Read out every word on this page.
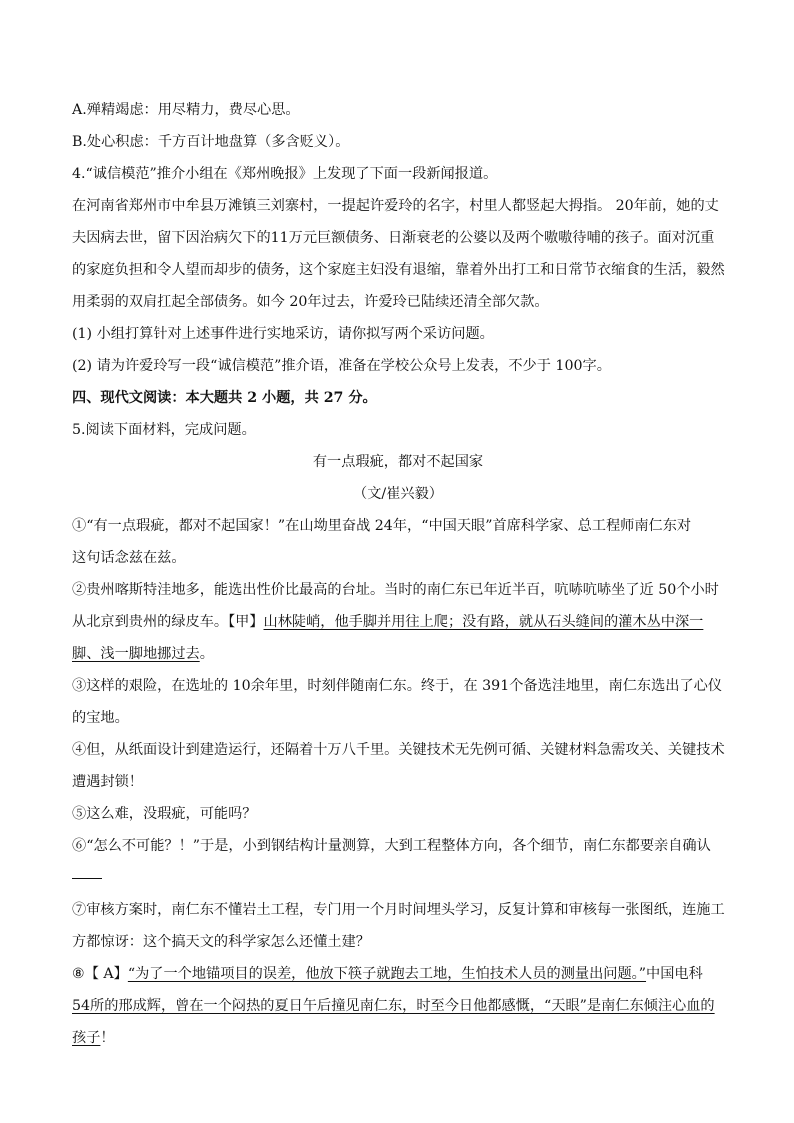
A.殚精竭虑：用尽精力，费尽心思。
B.处心积虑：千方百计地盘算（多含贬义）。
4.“诚信模范”推介小组在《郑州晚报》上发现了下面一段新闻报道。
在河南省郑州市中牟县万滩镇三刘寨村，一提起许爱玲的名字，村里人都竖起大拇指。 20年前，她的丈
夫因病去世，留下因治病欠下的11万元巨额债务、日渐衰老的公婆以及两个嗷嗷待哺的孩子。面对沉重
的家庭负担和令人望而却步的债务，这个家庭主妇没有退缩，靠着外出打工和日常节衣缩食的生活，毅然
用柔弱的双肩扛起全部债务。如今 20年过去，许爱玲已陆续还清全部欠款。
(1) 小组打算针对上述事件进行实地采访，请你拟写两个采访问题。
(2) 请为许爱玲写一段“诚信模范”推介语，准备在学校公众号上发表，不少于 100字。
四、现代文阅读：本大题共 2 小题，共 27 分。
5.阅读下面材料，完成问题。
有一点瑕疵，都对不起国家
（文/崔兴毅）
①“有一点瑕疵，都对不起国家！”在山坳里奋战 24年，“中国天眼”首席科学家、总工程师南仁东对
这句话念兹在兹。
②贵州喀斯特洼地多，能选出性价比最高的台址。当时的南仁东已年近半百，吭哧吭哧坐了近 50个小时
从北京到贵州的绿皮车。【甲】山林陡峭，他手脚并用往上爬；没有路，就从石头缝间的灌木丛中深一
脚、浅一脚地挪过去。
③这样的艰险，在选址的 10余年里，时刻伴随南仁东。终于，在 391个备选洼地里，南仁东选出了心仪
的宝地。
④但，从纸面设计到建造运行，还隔着十万八千里。关键技术无先例可循、关键材料急需攻关、关键技术
遭遇封锁！
⑤这么难，没瑕疵，可能吗？
⑥“怎么不可能？！”于是，小到钢结构计量测算，大到工程整体方向，各个细节，南仁东都要亲自确认
⑦审核方案时，南仁东不懂岩土工程，专门用一个月时间埋头学习，反复计算和审核每一张图纸，连施工
方都惊讶：这个搞天文的科学家怎么还懂土建？
⑧【 A】“为了一个地锚项目的误差，他放下筷子就跑去工地，生怕技术人员的测量出问题。”中国电科
54所的邢成辉，曾在一个闷热的夏日午后撞见南仁东，时至今日他都感慨，“天眼”是南仁东倾注心血的
孩子！
